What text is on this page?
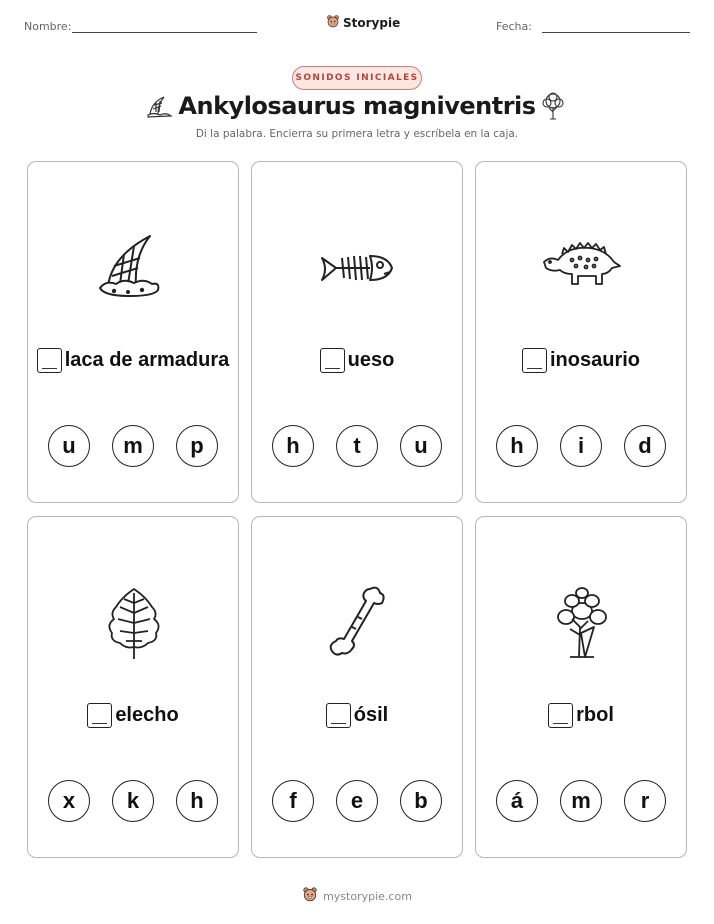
Nombre:	Storypie	Fecha:
SONIDOS INICIALES
Ankylosaurus magniventris
Di la palabra. Encierra su primera letra y escríbela en la caja.
laca de armadura
u	m	p
ueso
h	t	u
inosaurio
h	i	d
elecho
x	k	h
ósil
f	e	b
rbol
á	m	r
mystorypie.com
